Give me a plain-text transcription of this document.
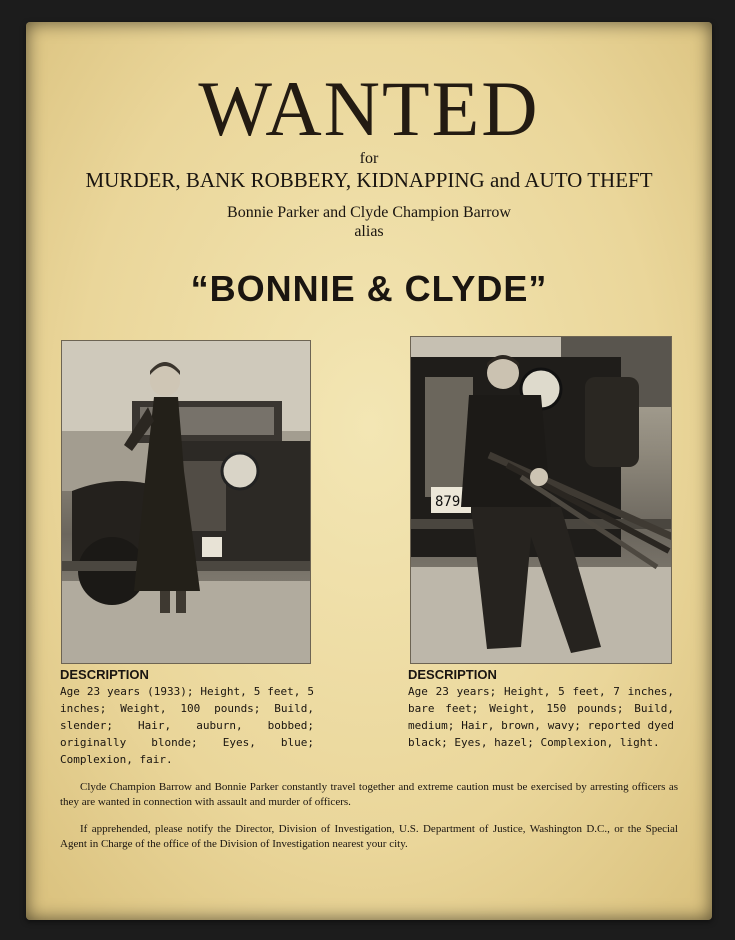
WANTED
for
MURDER, BANK ROBBERY, KIDNAPPING and AUTO THEFT
Bonnie Parker and Clyde Champion Barrow
alias
“BONNIE & CLYDE”
879
DESCRIPTION
Age 23 years (1933); Height, 5 feet, 5 inches; Weight, 100 pounds; Build, slender; Hair, auburn, bobbed; originally blonde; Eyes, blue; Complexion, fair.
DESCRIPTION
Age 23 years; Height, 5 feet, 7 inches, bare feet; Weight, 150 pounds; Build, medium; Hair, brown, wavy; reported dyed black; Eyes, hazel; Complexion, light.
Clyde Champion Barrow and Bonnie Parker constantly travel together and extreme caution must be exercised by arresting officers as they are wanted in connection with assault and murder of officers.
If apprehended, please notify the Director, Division of Investigation, U.S. Department of Justice, Washington D.C., or the Special Agent in Charge of the office of the Division of Investigation nearest your city.
